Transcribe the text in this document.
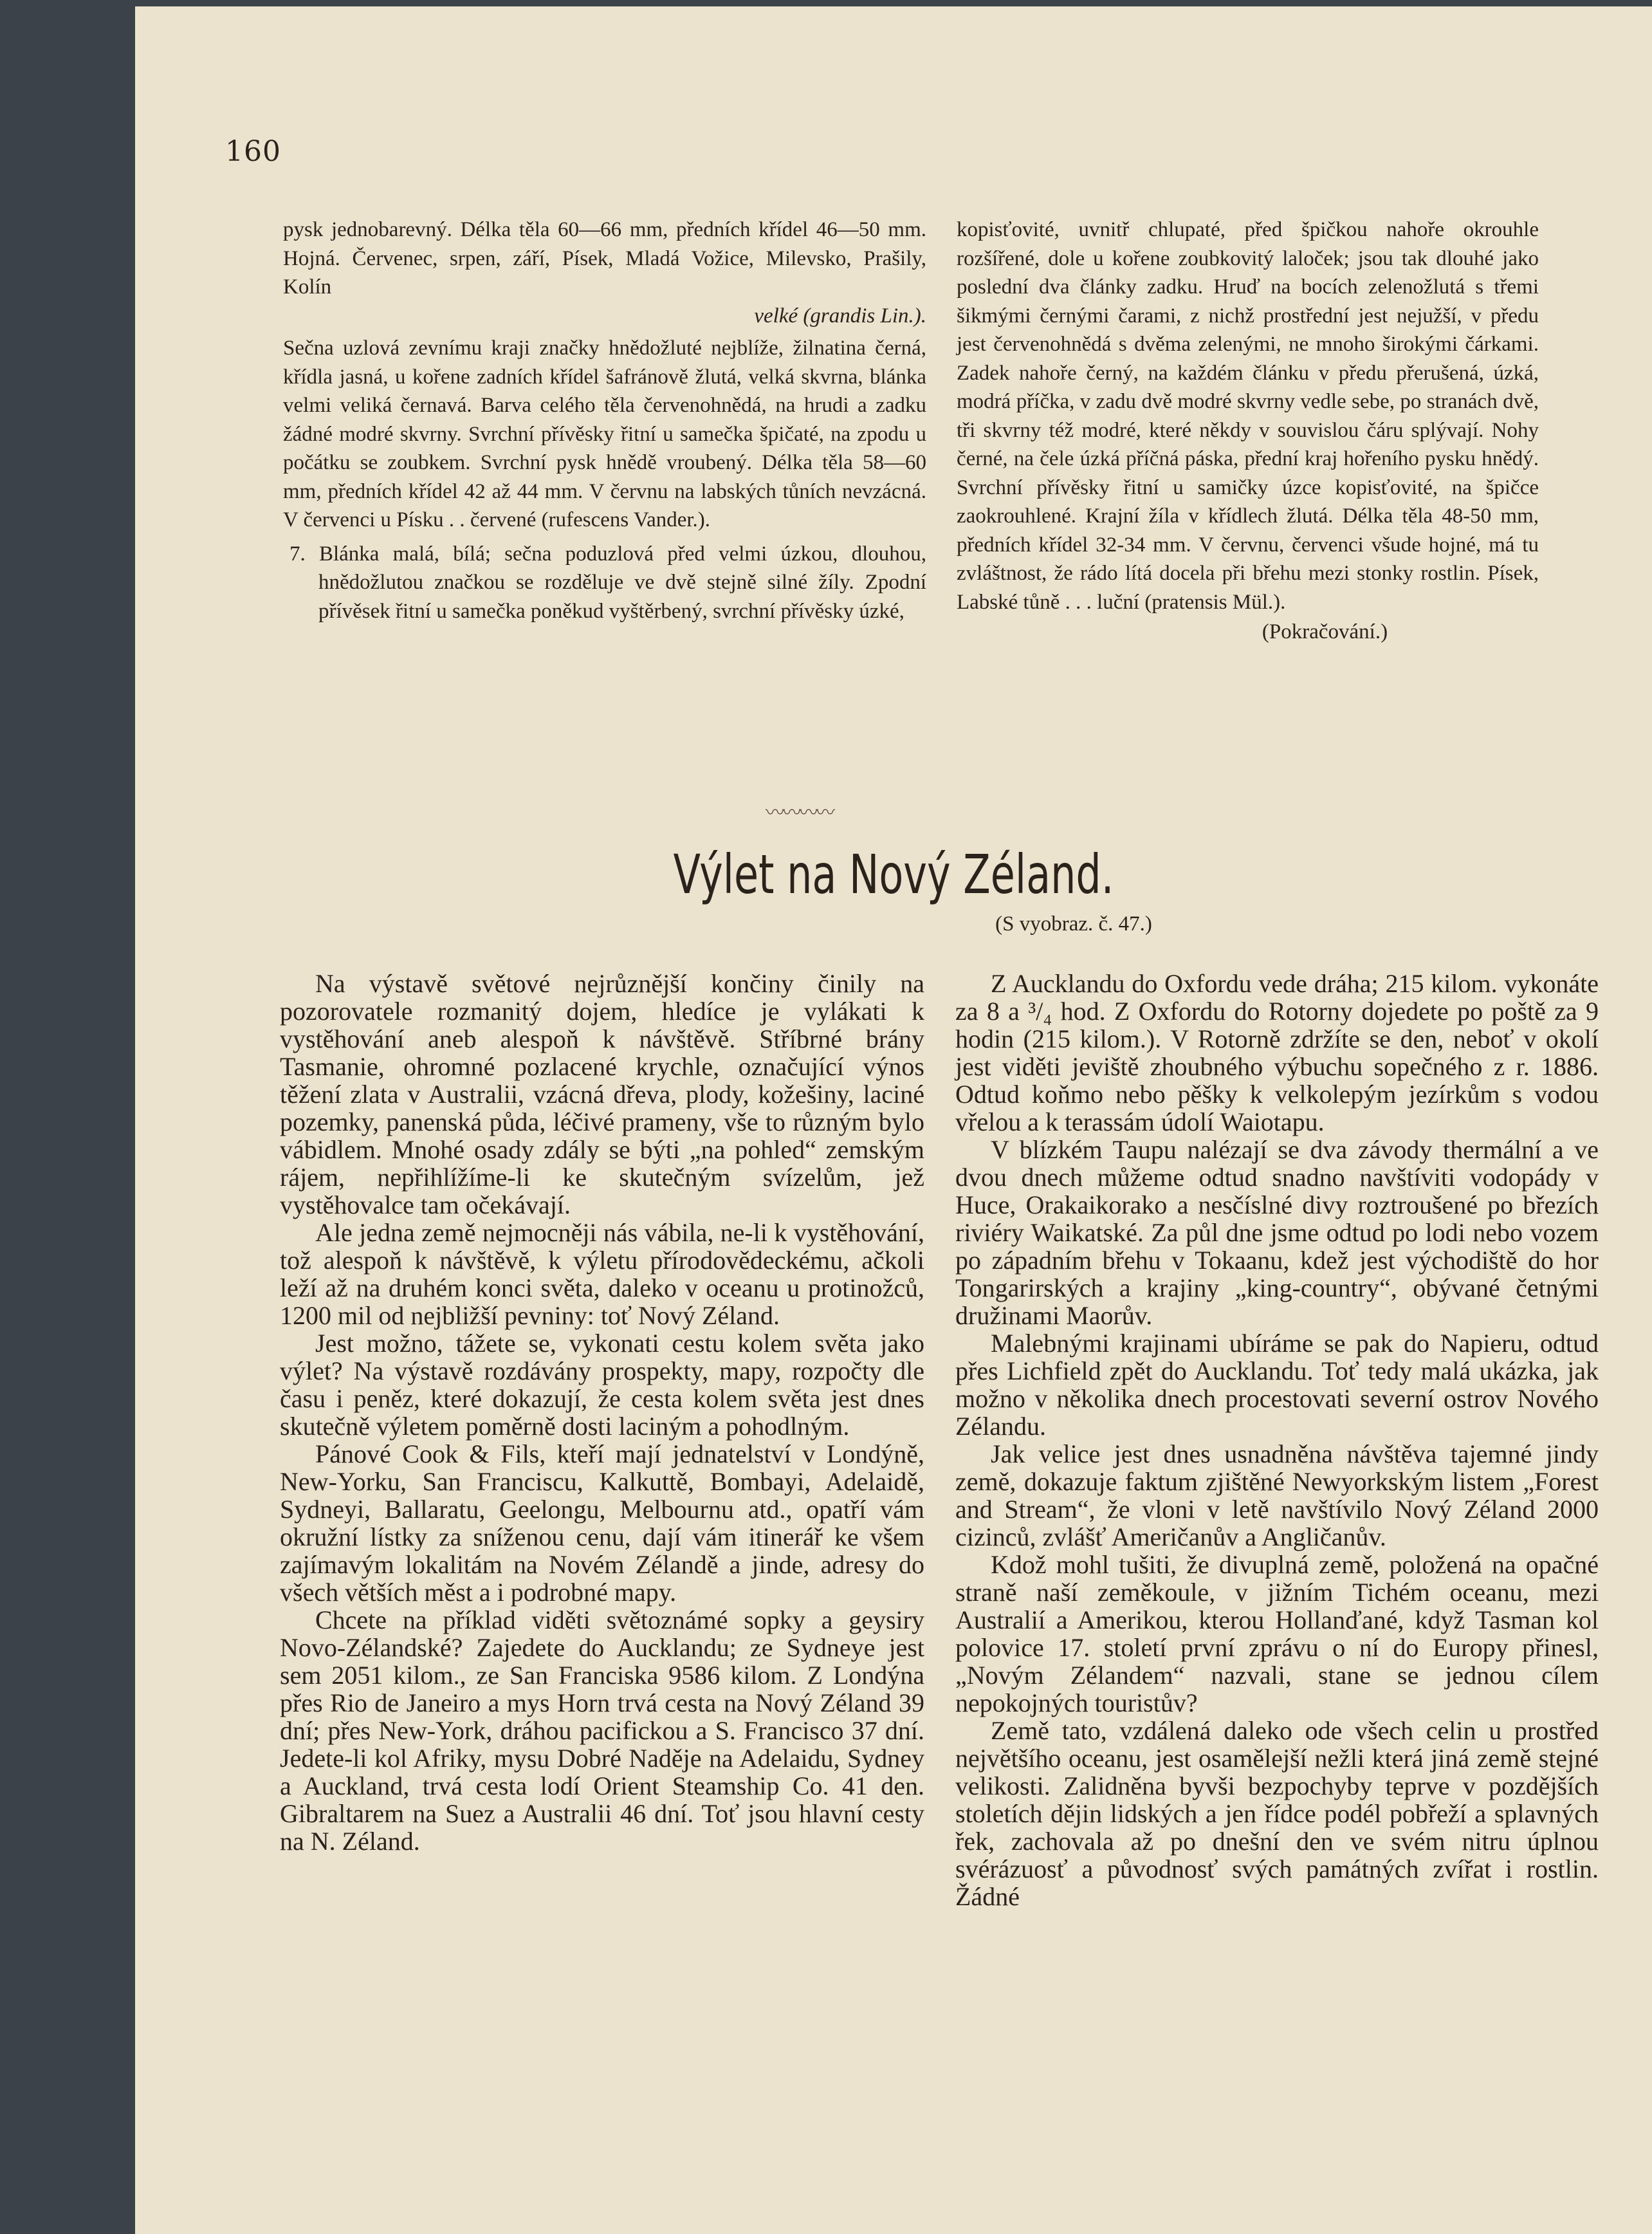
160

pysk jednobarevný. Délka těla 60—66 mm, předních křídel 46—50 mm. Hojná. Červenec, srpen, září, Písek, Mladá Vožice, Milevsko, Prašily, Kolín

velké (grandis Lin.).

Sečna uzlová zevnímu kraji značky hnědožluté nejblíže, žilnatina černá, křídla jasná, u kořene zadních křídel šafránově žlutá, velká skvrna, blánka velmi veliká černavá. Barva celého těla červenohnědá, na hrudi a zadku žádné modré skvrny. Svrchní přívěsky řitní u samečka špičaté, na zpodu u počátku se zoubkem. Svrchní pysk hnědě vroubený. Délka těla 58—60 mm, předních křídel 42 až 44 mm. V červnu na labských tůních nevzácná. V červenci u Písku . . červené (rufescens Vander.).

7. Blánka malá, bílá; sečna poduzlová před velmi úzkou, dlouhou, hnědožlutou značkou se rozděluje ve dvě stejně silné žíly. Zpodní přívěsek řitní u samečka poněkud vyštěrbený, svrchní přívěsky úzké,

kopisťovité, uvnitř chlupaté, před špičkou nahoře okrouhle rozšířené, dole u kořene zoubkovitý laloček; jsou tak dlouhé jako poslední dva články zadku. Hruď na bocích zelenožlutá s třemi šikmými černými čarami, z nichž prostřední jest nejužší, v předu jest červenohnědá s dvěma zelenými, ne mnoho širokými čárkami. Zadek nahoře černý, na každém článku v předu přerušená, úzká, modrá příčka, v zadu dvě modré skvrny vedle sebe, po stranách dvě, tři skvrny též modré, které někdy v souvislou čáru splývají. Nohy černé, na čele úzká příčná páska, přední kraj hořeního pysku hnědý. Svrchní přívěsky řitní u samičky úzce kopisťovité, na špičce zaokrouhlené. Krajní žíla v křídlech žlutá. Délka těla 48-50 mm, předních křídel 32-34 mm. V červnu, červenci všude hojné, má tu zvláštnost, že rádo lítá docela při břehu mezi stonky rostlin. Písek, Labské tůně . . . luční (pratensis Mül.).

(Pokračování.)

〰〰〰〰
Výlet na Nový Zéland.
(S vyobraz. č. 47.)

Na výstavě světové nejrůznější končiny činily na pozorovatele rozmanitý dojem, hledíce je vylákati k vystěhování aneb alespoň k návštěvě. Stříbrné brány Tasmanie, ohromné pozlacené krychle, označující výnos těžení zlata v Australii, vzácná dřeva, plody, kožešiny, laciné pozemky, panenská půda, léčivé prameny, vše to různým bylo vábidlem. Mnohé osady zdály se býti „na pohled“ zemským rájem, nepřihlížíme-li ke skutečným svízelům, jež vystěhovalce tam očekávají.

Ale jedna země nejmocněji nás vábila, ne-li k vystěhování, tož alespoň k návštěvě, k výletu přírodovědeckému, ačkoli leží až na druhém konci světa, daleko v oceanu u protinožců, 1200 mil od nejbližší pevniny: toť Nový Zéland.

Jest možno, tážete se, vykonati cestu kolem světa jako výlet? Na výstavě rozdávány prospekty, mapy, rozpočty dle času i peněz, které dokazují, že cesta kolem světa jest dnes skutečně výletem poměrně dosti laciným a pohodlným.

Pánové Cook & Fils, kteří mají jednatelství v Londýně, New-Yorku, San Franciscu, Kalkuttě, Bombayi, Adelaidě, Sydneyi, Ballaratu, Geelongu, Melbournu atd., opatří vám okružní lístky za sníženou cenu, dají vám itinerář ke všem zajímavým lokalitám na Novém Zélandě a jinde, adresy do všech větších měst a i podrobné mapy.

Chcete na příklad viděti světoznámé sopky a geysiry Novo-Zélandské? Zajedete do Aucklandu; ze Sydneye jest sem 2051 kilom., ze San Franciska 9586 kilom. Z Londýna přes Rio de Janeiro a mys Horn trvá cesta na Nový Zéland 39 dní; přes New-York, dráhou pacifickou a S. Francisco 37 dní. Jedete-li kol Afriky, mysu Dobré Naděje na Adelaidu, Sydney a Auckland, trvá cesta lodí Orient Steamship Co. 41 den. Gibraltarem na Suez a Australii 46 dní. Toť jsou hlavní cesty na N. Zéland.

Z Aucklandu do Oxfordu vede dráha; 215 kilom. vykonáte za 8 a ³/₄ hod. Z Oxfordu do Rotorny dojedete po poště za 9 hodin (215 kilom.). V Rotorně zdržíte se den, neboť v okolí jest viděti jeviště zhoubného výbuchu sopečného z r. 1886. Odtud koňmo nebo pěšky k velkolepým jezírkům s vodou vřelou a k terassám údolí Waiotapu.

V blízkém Taupu nalézají se dva závody thermální a ve dvou dnech můžeme odtud snadno navštíviti vodopády v Huce, Orakaikorako a nesčíslné divy roztroušené po březích riviéry Waikatské. Za půl dne jsme odtud po lodi nebo vozem po západním břehu v Tokaanu, kdež jest východiště do hor Tongarirských a krajiny „king-country“, obývané četnými družinami Maorův.

Malebnými krajinami ubíráme se pak do Napieru, odtud přes Lichfield zpět do Aucklandu. Toť tedy malá ukázka, jak možno v několika dnech procestovati severní ostrov Nového Zélandu.

Jak velice jest dnes usnadněna návštěva tajemné jindy země, dokazuje faktum zjištěné Newyorkským listem „Forest and Stream“, že vloni v letě navštívilo Nový Zéland 2000 cizinců, zvlášť Američanův a Angličanův.

Kdož mohl tušiti, že divuplná země, položená na opačné straně naší zeměkoule, v jižním Tichém oceanu, mezi Australií a Amerikou, kterou Hollanďané, když Tasman kol polovice 17. století první zprávu o ní do Europy přinesl, „Novým Zélandem“ nazvali, stane se jednou cílem nepokojných touristův?

Země tato, vzdálená daleko ode všech celin u prostřed největšího oceanu, jest osamělejší nežli která jiná země stejné velikosti. Zalidněna byvši bezpochyby teprve v pozdějších stoletích dějin lidských a jen řídce podél pobřeží a splavných řek, zachovala až po dnešní den ve svém nitru úplnou svérázuosť a původnosť svých památných zvířat i rostlin. Žádné
